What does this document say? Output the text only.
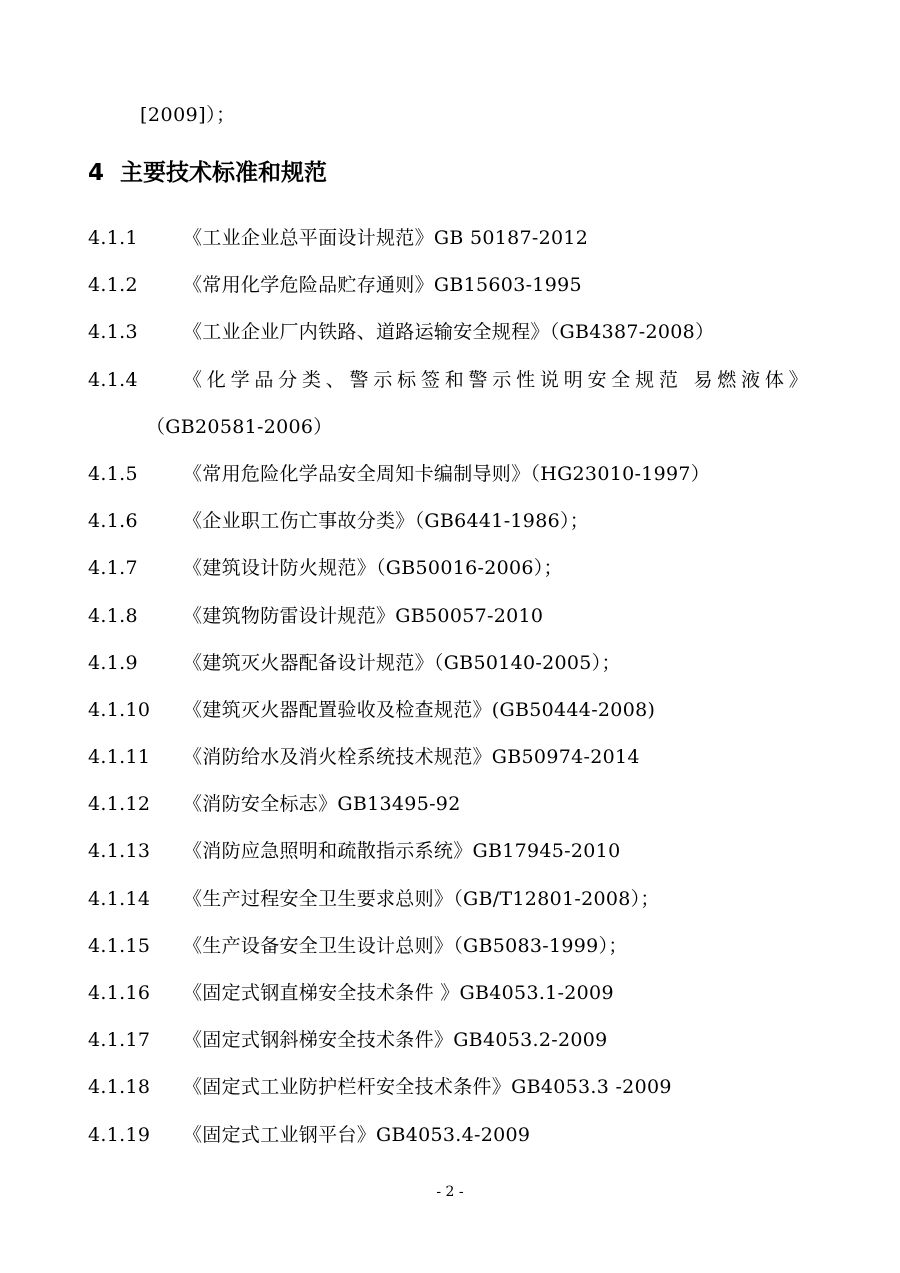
[2009]）；
4 主要技术标准和规范
4.1.1	《工业企业总平面设计规范》GB 50187-2012
4.1.2	《常用化学危险品贮存通则》GB15603-1995
4.1.3	《工业企业厂内铁路、道路运输安全规程》（GB4387-2008）
4.1.4	《化学品分类、警示标签和警示性说明安全规范 易燃液体》
（GB20581-2006）
4.1.5	《常用危险化学品安全周知卡编制导则》（HG23010-1997）
4.1.6	《企业职工伤亡事故分类》（GB6441-1986）；
4.1.7	《建筑设计防火规范》（GB50016-2006）；
4.1.8	《建筑物防雷设计规范》GB50057-2010
4.1.9	《建筑灭火器配备设计规范》（GB50140-2005）；
4.1.10	《建筑灭火器配置验收及检查规范》(GB50444-2008)
4.1.11	《消防给水及消火栓系统技术规范》GB50974-2014
4.1.12	《消防安全标志》GB13495-92
4.1.13	《消防应急照明和疏散指示系统》GB17945-2010
4.1.14	《生产过程安全卫生要求总则》（GB/T12801-2008）；
4.1.15	《生产设备安全卫生设计总则》（GB5083-1999）；
4.1.16	《固定式钢直梯安全技术条件 》GB4053.1-2009
4.1.17	《固定式钢斜梯安全技术条件》GB4053.2-2009
4.1.18	《固定式工业防护栏杆安全技术条件》GB4053.3 -2009
4.1.19	《固定式工业钢平台》GB4053.4-2009
- 2 -
